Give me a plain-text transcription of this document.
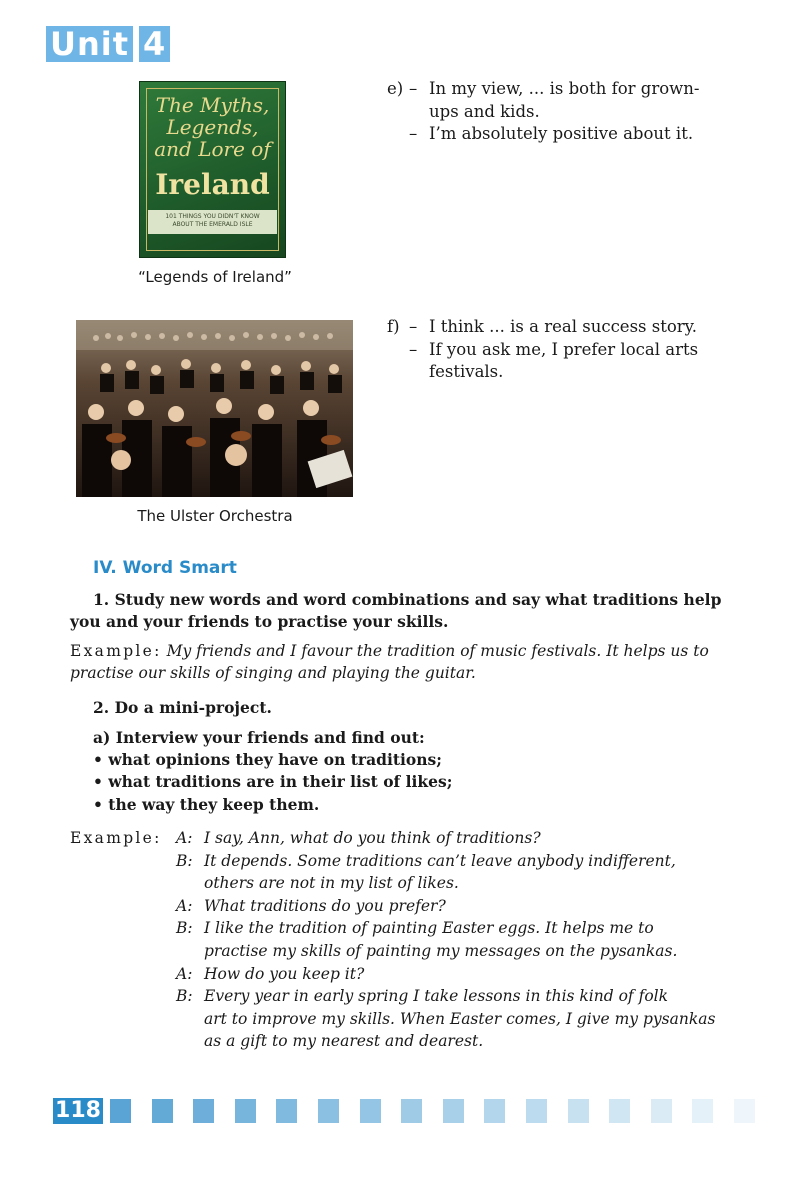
Unit 4
The Myths,
Legends,
and Lore of
Ireland
101 THINGS YOU DIDN'T KNOW
ABOUT THE EMERALD ISLE
“Legends of Ireland”
The Ulster Orchestra
e) – In my view, ... is both for grown-
ups and kids.
– I’m absolutely positive about it.
f) – I think ... is a real success story.
– If you ask me, I prefer local arts
festivals.
IV. Word Smart
1. Study new words and word combinations and say what traditions help you and your friends to practise your skills.
Example: My friends and I favour the tradition of music festivals. It helps us to practise our skills of singing and playing the guitar.
2. Do a mini-project.
a) Interview your friends and find out:
• what opinions they have on traditions;
• what traditions are in their list of likes;
• the way they keep them.
Example: A: I say, Ann, what do you think of traditions?
B: It depends. Some traditions can’t leave anybody indifferent,
others are not in my list of likes.
A: What traditions do you prefer?
B: I like the tradition of painting Easter eggs. It helps me to
practise my skills of painting my messages on the pysankas.
A: How do you keep it?
B: Every year in early spring I take lessons in this kind of folk
art to improve my skills. When Easter comes, I give my pysankas
as a gift to my nearest and dearest.
118
